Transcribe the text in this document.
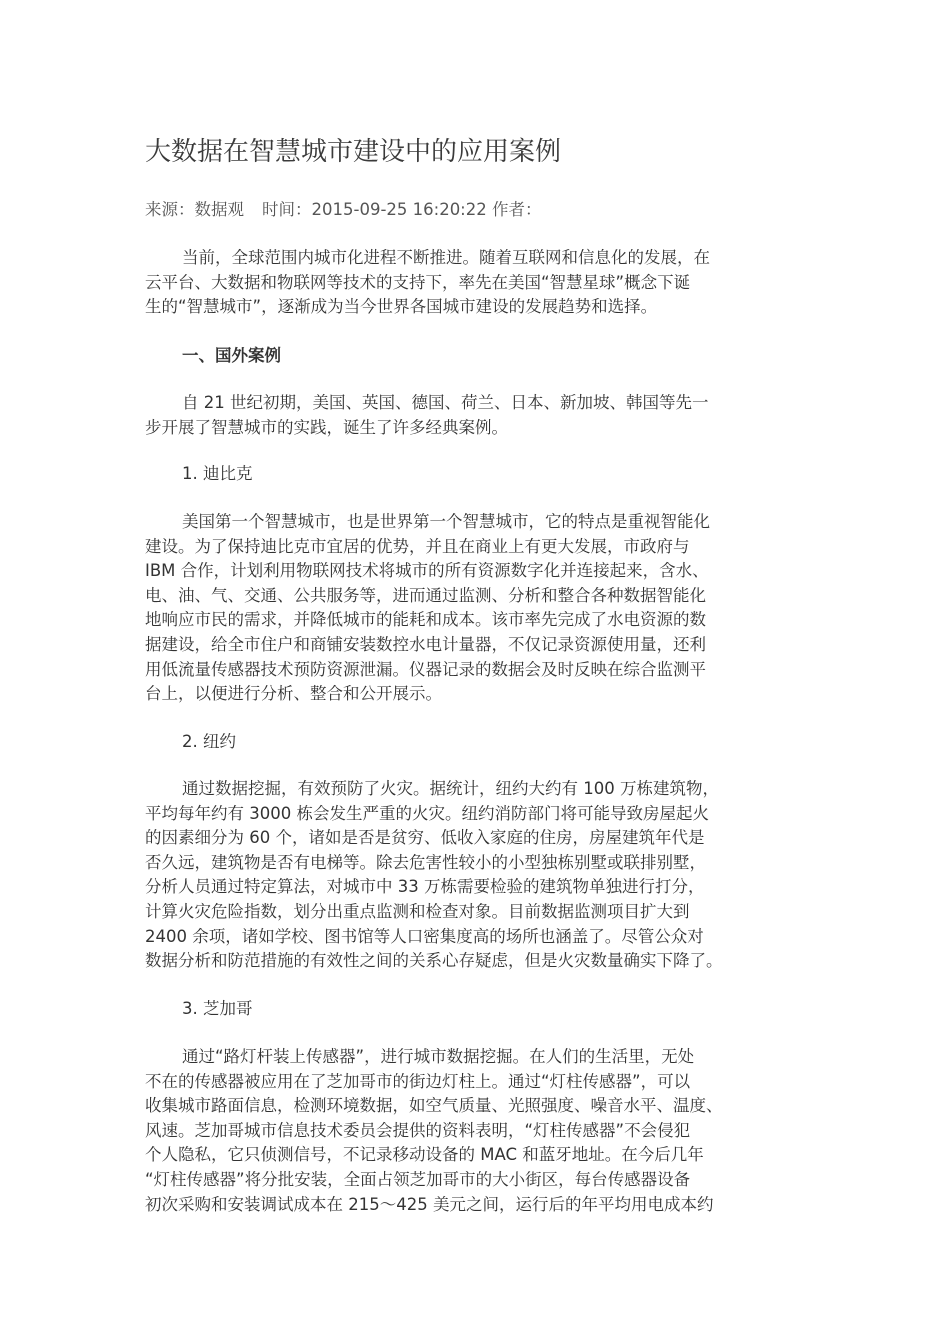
大数据在智慧城市建设中的应用案例
来源：数据观 时间：2015-09-25 16:20:22 作者：
当前，全球范围内城市化进程不断推进。随着互联网和信息化的发展，在
云平台、大数据和物联网等技术的支持下，率先在美国“智慧星球”概念下诞
生的“智慧城市”，逐渐成为当今世界各国城市建设的发展趋势和选择。
一、国外案例
自 21 世纪初期，美国、英国、德国、荷兰、日本、新加坡、韩国等先一
步开展了智慧城市的实践，诞生了许多经典案例。
1. 迪比克
美国第一个智慧城市，也是世界第一个智慧城市，它的特点是重视智能化
建设。为了保持迪比克市宜居的优势，并且在商业上有更大发展，市政府与
IBM 合作，计划利用物联网技术将城市的所有资源数字化并连接起来，含水、
电、油、气、交通、公共服务等，进而通过监测、分析和整合各种数据智能化
地响应市民的需求，并降低城市的能耗和成本。该市率先完成了水电资源的数
据建设，给全市住户和商铺安装数控水电计量器，不仅记录资源使用量，还利
用低流量传感器技术预防资源泄漏。仪器记录的数据会及时反映在综合监测平
台上，以便进行分析、整合和公开展示。
2. 纽约
通过数据挖掘，有效预防了火灾。据统计，纽约大约有 100 万栋建筑物，
平均每年约有 3000 栋会发生严重的火灾。纽约消防部门将可能导致房屋起火
的因素细分为 60 个，诸如是否是贫穷、低收入家庭的住房，房屋建筑年代是
否久远，建筑物是否有电梯等。除去危害性较小的小型独栋别墅或联排别墅，
分析人员通过特定算法，对城市中 33 万栋需要检验的建筑物单独进行打分，
计算火灾危险指数，划分出重点监测和检查对象。目前数据监测项目扩大到
2400 余项，诸如学校、图书馆等人口密集度高的场所也涵盖了。尽管公众对
数据分析和防范措施的有效性之间的关系心存疑虑，但是火灾数量确实下降了。
3. 芝加哥
通过“路灯杆装上传感器”，进行城市数据挖掘。在人们的生活里，无处
不在的传感器被应用在了芝加哥市的街边灯柱上。通过“灯柱传感器”，可以
收集城市路面信息，检测环境数据，如空气质量、光照强度、噪音水平、温度、
风速。芝加哥城市信息技术委员会提供的资料表明，“灯柱传感器”不会侵犯
个人隐私，它只侦测信号，不记录移动设备的 MAC 和蓝牙地址。在今后几年
“灯柱传感器”将分批安装，全面占领芝加哥市的大小街区，每台传感器设备
初次采购和安装调试成本在 215～425 美元之间，运行后的年平均用电成本约
